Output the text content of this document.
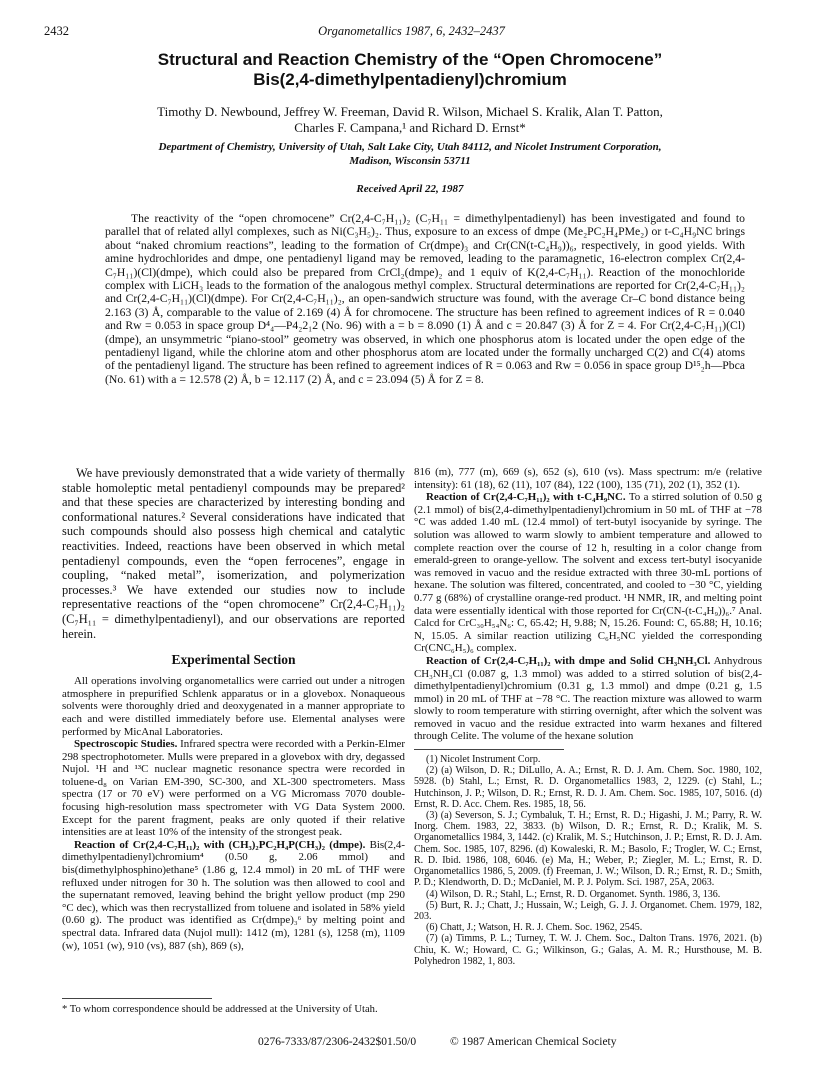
2432	Organometallics 1987, 6, 2432–2437
Structural and Reaction Chemistry of the “Open Chromocene”
Bis(2,4-dimethylpentadienyl)chromium
Timothy D. Newbound, Jeffrey W. Freeman, David R. Wilson, Michael S. Kralik, Alan T. Patton,
Charles F. Campana,¹ and Richard D. Ernst*
Department of Chemistry, University of Utah, Salt Lake City, Utah 84112, and Nicolet Instrument Corporation,
Madison, Wisconsin 53711
Received April 22, 1987

The reactivity of the “open chromocene” Cr(2,4-C₇H₁₁)₂ (C₇H₁₁ = dimethylpentadienyl) has been investigated and found to parallel that of related allyl complexes, such as Ni(C₃H₅)₂. Thus, exposure to an excess of dmpe (Me₂PC₂H₄PMe₂) or t-C₄H₉NC brings about “naked chromium reactions”, leading to the formation of Cr(dmpe)₃ and Cr(CN(t-C₄H₉))₆, respectively, in good yields. With amine hydrochlorides and dmpe, one pentadienyl ligand may be removed, leading to the paramagnetic, 16-electron complex Cr(2,4-C₇H₁₁)(Cl)(dmpe), which could also be prepared from CrCl₂(dmpe)₂ and 1 equiv of K(2,4-C₇H₁₁). Reaction of the monochloride complex with LiCH₃ leads to the formation of the analogous methyl complex. Structural determinations are reported for Cr(2,4-C₇H₁₁)₂ and Cr(2,4-C₇H₁₁)(Cl)(dmpe). For Cr(2,4-C₇H₁₁)₂, an open-sandwich structure was found, with the average Cr–C bond distance being 2.163 (3) Å, comparable to the value of 2.169 (4) Å for chromocene. The structure has been refined to agreement indices of R = 0.040 and Rw = 0.053 in space group D⁴₄—P4₂2₁2 (No. 96) with a = b = 8.090 (1) Å and c = 20.847 (3) Å for Z = 4. For Cr(2,4-C₇H₁₁)(Cl)(dmpe), an unsymmetric “piano-stool” geometry was observed, in which one phosphorus atom is located under the open edge of the pentadienyl ligand, while the chlorine atom and other phosphorus atom are located under the formally uncharged C(2) and C(4) atoms of the pentadienyl ligand. The structure has been refined to agreement indices of R = 0.063 and Rw = 0.056 in space group D¹⁵₂h—Pbca (No. 61) with a = 12.578 (2) Å, b = 12.117 (2) Å, and c = 23.094 (5) Å for Z = 8.

We have previously demonstrated that a wide variety of thermally stable homoleptic metal pentadienyl compounds may be prepared² and that these species are characterized by interesting bonding and conformational natures.² Several considerations have indicated that such compounds should also possess high chemical and catalytic reactivities. Indeed, reactions have been observed in which metal pentadienyl compounds, even the “open ferrocenes”, engage in coupling, “naked metal”, isomerization, and polymerization processes.³ We have extended our studies now to include representative reactions of the “open chromocene” Cr(2,4-C₇H₁₁)₂ (C₇H₁₁ = dimethylpentadienyl), and our observations are reported herein.

Experimental Section

All operations involving organometallics were carried out under a nitrogen atmosphere in prepurified Schlenk apparatus or in a glovebox. Nonaqueous solvents were thoroughly dried and deoxygenated in a manner appropriate to each and were distilled immediately before use. Elemental analyses were performed by MicAnal Laboratories.

Spectroscopic Studies. Infrared spectra were recorded with a Perkin-Elmer 298 spectrophotometer. Mulls were prepared in a glovebox with dry, degassed Nujol. ¹H and ¹³C nuclear magnetic resonance spectra were recorded in toluene-d₈ on Varian EM-390, SC-300, and XL-300 spectrometers. Mass spectra (17 or 70 eV) were performed on a VG Micromass 7070 double-focusing high-resolution mass spectrometer with VG Data System 2000. Except for the parent fragment, peaks are only quoted if their relative intensities are at least 10% of the intensity of the strongest peak.

Reaction of Cr(2,4-C₇H₁₁)₂ with (CH₃)₂PC₂H₄P(CH₃)₂ (dmpe). Bis(2,4-dimethylpentadienyl)chromium⁴ (0.50 g, 2.06 mmol) and bis(dimethylphosphino)ethane⁵ (1.86 g, 12.4 mmol) in 20 mL of THF were refluxed under nitrogen for 30 h. The solution was then allowed to cool and the supernatant removed, leaving behind the bright yellow product (mp 290 °C dec), which was then recrystallized from toluene and isolated in 58% yield (0.60 g). The product was identified as Cr(dmpe)₃⁶ by melting point and spectral data. Infrared data (Nujol mull): 1412 (m), 1281 (s), 1258 (m), 1109 (w), 1051 (w), 910 (vs), 887 (sh), 869 (s),

* To whom correspondence should be addressed at the University of Utah.

816 (m), 777 (m), 669 (s), 652 (s), 610 (vs). Mass spectrum: m/e (relative intensity): 61 (18), 62 (11), 107 (84), 122 (100), 135 (71), 202 (1), 352 (1).

Reaction of Cr(2,4-C₇H₁₁)₂ with t-C₄H₉NC. To a stirred solution of 0.50 g (2.1 mmol) of bis(2,4-dimethylpentadienyl)chromium in 50 mL of THF at −78 °C was added 1.40 mL (12.4 mmol) of tert-butyl isocyanide by syringe. The solution was allowed to warm slowly to ambient temperature and allowed to complete reaction over the course of 12 h, resulting in a color change from emerald-green to orange-yellow. The solvent and excess tert-butyl isocyanide was removed in vacuo and the residue extracted with three 30-mL portions of hexane. The solution was filtered, concentrated, and cooled to −30 °C, yielding 0.77 g (68%) of crystalline orange-red product. ¹H NMR, IR, and melting point data were essentially identical with those reported for Cr(CN-(t-C₄H₉))₆.⁷ Anal. Calcd for CrC₃₀H₅₄N₆: C, 65.42; H, 9.88; N, 15.26. Found: C, 65.88; H, 10.16; N, 15.05. A similar reaction utilizing C₆H₅NC yielded the corresponding Cr(CNC₆H₅)₆ complex.

Reaction of Cr(2,4-C₇H₁₁)₂ with dmpe and Solid CH₃NH₃Cl. Anhydrous CH₃NH₃Cl (0.087 g, 1.3 mmol) was added to a stirred solution of bis(2,4-dimethylpentadienyl)chromium (0.31 g, 1.3 mmol) and dmpe (0.21 g, 1.5 mmol) in 20 mL of THF at −78 °C. The reaction mixture was allowed to warm slowly to room temperature with stirring overnight, after which the solvent was removed in vacuo and the residue extracted into warm hexanes and filtered through Celite. The volume of the hexane solution

(1) Nicolet Instrument Corp.

(2) (a) Wilson, D. R.; DiLullo, A. A.; Ernst, R. D. J. Am. Chem. Soc. 1980, 102, 5928. (b) Stahl, L.; Ernst, R. D. Organometallics 1983, 2, 1229. (c) Stahl, L.; Hutchinson, J. P.; Wilson, D. R.; Ernst, R. D. J. Am. Chem. Soc. 1985, 107, 5016. (d) Ernst, R. D. Acc. Chem. Res. 1985, 18, 56.

(3) (a) Severson, S. J.; Cymbaluk, T. H.; Ernst, R. D.; Higashi, J. M.; Parry, R. W. Inorg. Chem. 1983, 22, 3833. (b) Wilson, D. R.; Ernst, R. D.; Kralik, M. S. Organometallics 1984, 3, 1442. (c) Kralik, M. S.; Hutchinson, J. P.; Ernst, R. D. J. Am. Chem. Soc. 1985, 107, 8296. (d) Kowaleski, R. M.; Basolo, F.; Trogler, W. C.; Ernst, R. D. Ibid. 1986, 108, 6046. (e) Ma, H.; Weber, P.; Ziegler, M. L.; Ernst, R. D. Organometallics 1986, 5, 2009. (f) Freeman, J. W.; Wilson, D. R.; Ernst, R. D.; Smith, P. D.; Klendworth, D. D.; McDaniel, M. P. J. Polym. Sci. 1987, 25A, 2063.

(4) Wilson, D. R.; Stahl, L.; Ernst, R. D. Organomet. Synth. 1986, 3, 136.

(5) Burt, R. J.; Chatt, J.; Hussain, W.; Leigh, G. J. J. Organomet. Chem. 1979, 182, 203.

(6) Chatt, J.; Watson, H. R. J. Chem. Soc. 1962, 2545.

(7) (a) Timms, P. L.; Turney, T. W. J. Chem. Soc., Dalton Trans. 1976, 2021. (b) Chiu, K. W.; Howard, C. G.; Wilkinson, G.; Galas, A. M. R.; Hursthouse, M. B. Polyhedron 1982, 1, 803.

0276-7333/87/2306-2432$01.50/0	© 1987 American Chemical Society
